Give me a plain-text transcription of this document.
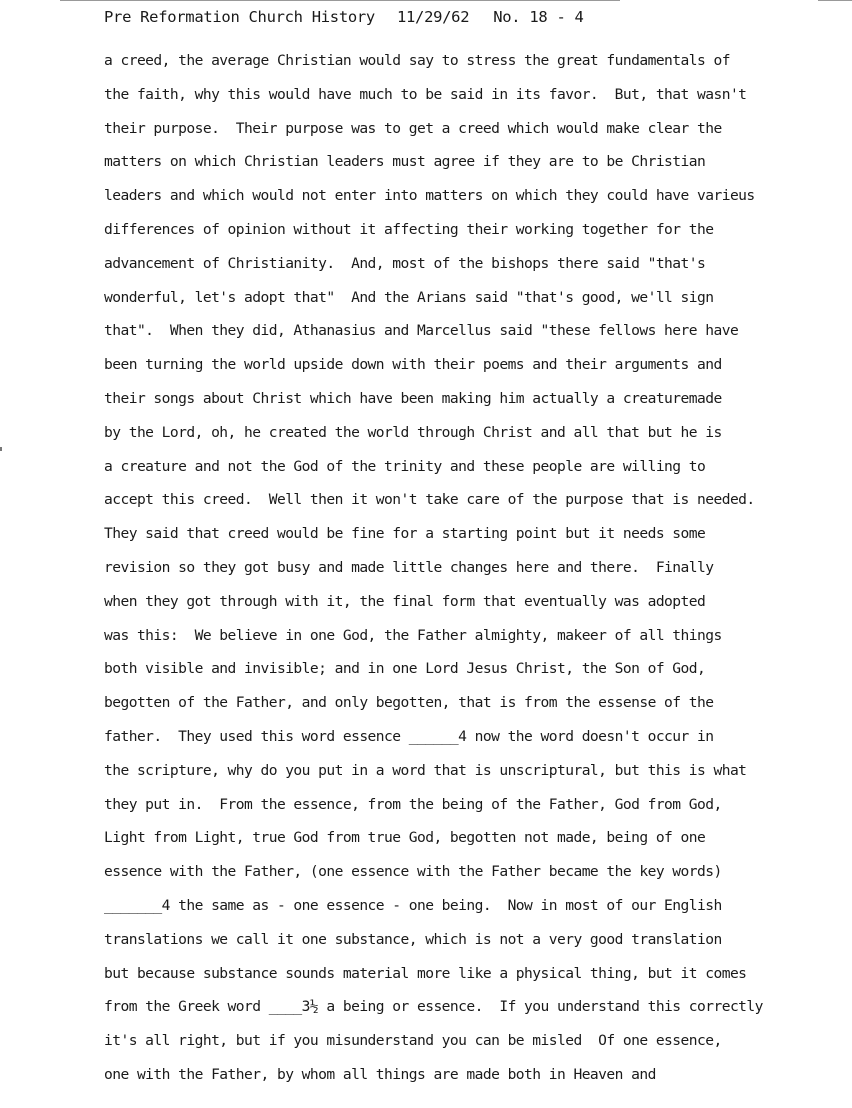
Pre Reformation Church History 11/29/62 No. 18 - 4
a creed, the average Christian would say to stress the great fundamentals of
the faith, why this would have much to be said in its favor.  But, that wasn't
their purpose.  Their purpose was to get a creed which would make clear the
matters on which Christian leaders must agree if they are to be Christian
leaders and which would not enter into matters on which they could have varieus
differences of opinion without it affecting their working together for the
advancement of Christianity.  And, most of the bishops there said "that's
wonderful, let's adopt that"  And the Arians said "that's good, we'll sign
that".  When they did, Athanasius and Marcellus said "these fellows here have
been turning the world upside down with their poems and their arguments and
their songs about Christ which have been making him actually a creaturemade
by the Lord, oh, he created the world through Christ and all that but he is
a creature and not the God of the trinity and these people are willing to
accept this creed.  Well then it won't take care of the purpose that is needed.
They said that creed would be fine for a starting point but it needs some
revision so they got busy and made little changes here and there.  Finally
when they got through with it, the final form that eventually was adopted
was this:  We believe in one God, the Father almighty, makeer of all things
both visible and invisible; and in one Lord Jesus Christ, the Son of God,
begotten of the Father, and only begotten, that is from the essense of the
father.  They used this word essence ______4 now the word doesn't occur in
the scripture, why do you put in a word that is unscriptural, but this is what
they put in.  From the essence, from the being of the Father, God from God,
Light from Light, true God from true God, begotten not made, being of one
essence with the Father, (one essence with the Father became the key words)
_______4 the same as - one essence - one being.  Now in most of our English
translations we call it one substance, which is not a very good translation
but because substance sounds material more like a physical thing, but it comes
from the Greek word ____3½ a being or essence.  If you understand this correctly
it's all right, but if you misunderstand you can be misled  Of one essence,
one with the Father, by whom all things are made both in Heaven and
